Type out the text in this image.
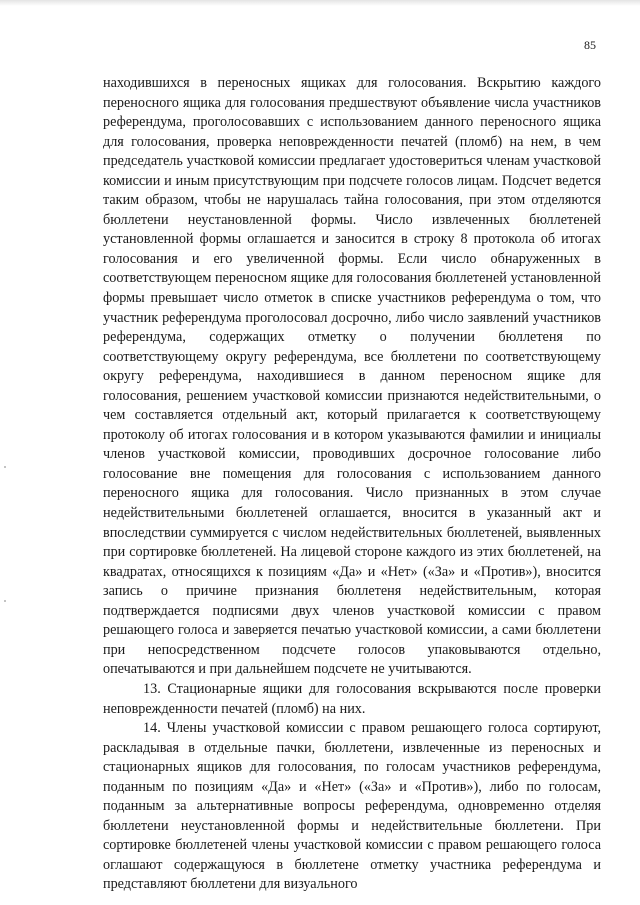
85

находившихся в переносных ящиках для голосования. Вскрытию каждого переносного ящика для голосования предшествуют объявление числа участников референдума, проголосовавших с использованием данного переносного ящика для голосования, проверка неповрежденности печатей (пломб) на нем, в чем председатель участковой комиссии предлагает удостовериться членам участковой комиссии и иным присутствующим при подсчете голосов лицам. Подсчет ведется таким образом, чтобы не нарушалась тайна голосования, при этом отделяются бюллетени неустановленной формы. Число извлеченных бюллетеней установленной формы оглашается и заносится в строку 8 протокола об итогах голосования и его увеличенной формы. Если число обнаруженных в соответствующем переносном ящике для голосования бюллетеней установленной формы превышает число отметок в списке участников референдума о том, что участник референдума проголосовал досрочно, либо число заявлений участников референдума, содержащих отметку о получении бюллетеня по соответствующему округу референдума, все бюллетени по соответствующему округу референдума, находившиеся в данном переносном ящике для голосования, решением участковой комиссии признаются недействительными, о чем составляется отдельный акт, который прилагается к соответствующему протоколу об итогах голосования и в котором указываются фамилии и инициалы членов участковой комиссии, проводивших досрочное голосование либо голосование вне помещения для голосования с использованием данного переносного ящика для голосования. Число признанных в этом случае недействительными бюллетеней оглашается, вносится в указанный акт и впоследствии суммируется с числом недействительных бюллетеней, выявленных при сортировке бюллетеней. На лицевой стороне каждого из этих бюллетеней, на квадратах, относящихся к позициям «Да» и «Нет» («За» и «Против»), вносится запись о причине признания бюллетеня недействительным, которая подтверждается подписями двух членов участковой комиссии с правом решающего голоса и заверяется печатью участковой комиссии, а сами бюллетени при непосредственном подсчете голосов упаковываются отдельно, опечатываются и при дальнейшем подсчете не учитываются.

13. Стационарные ящики для голосования вскрываются после проверки неповрежденности печатей (пломб) на них.

14. Члены участковой комиссии с правом решающего голоса сортируют, раскладывая в отдельные пачки, бюллетени, извлеченные из переносных и стационарных ящиков для голосования, по голосам участников референдума, поданным по позициям «Да» и «Нет» («За» и «Против»), либо по голосам, поданным за альтернативные вопросы референдума, одновременно отделяя бюллетени неустановленной формы и недействительные бюллетени. При сортировке бюллетеней члены участковой комиссии с правом решающего голоса оглашают содержащуюся в бюллетене отметку участника референдума и представляют бюллетени для визуального
